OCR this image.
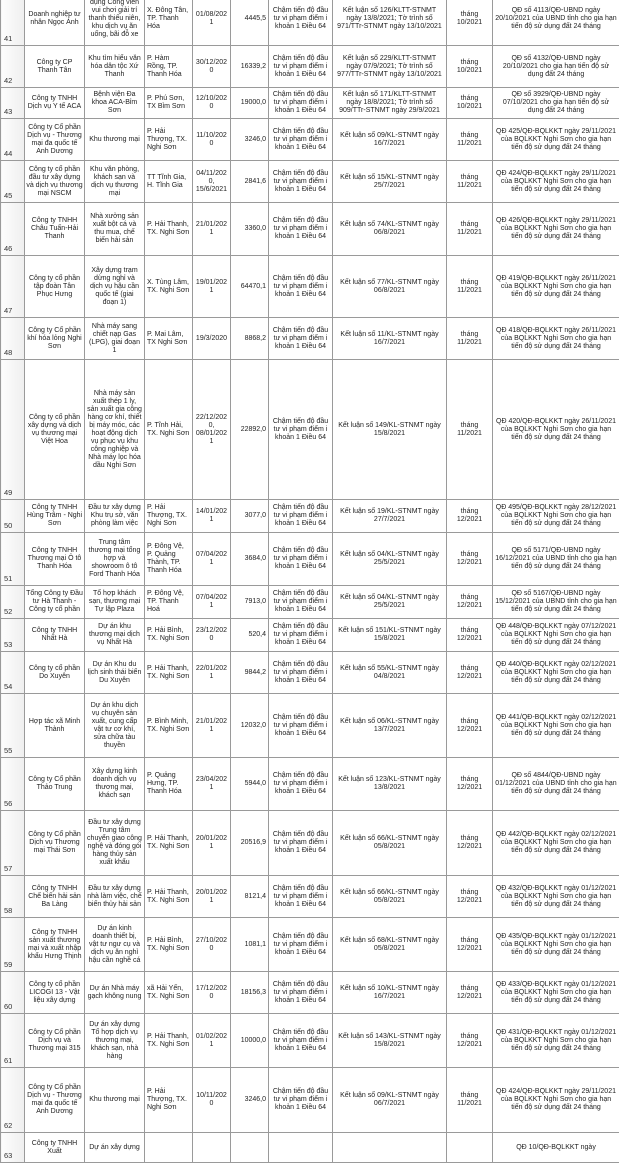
41	Doanh nghiệp tư nhân Ngọc Ánh	dụng Công viên vui chơi giải trí thanh thiếu niên, khu dịch vụ ăn uống, bãi đỗ xe	X. Đông Tân, TP. Thanh Hóa	01/08/2021	4445,5	Chậm tiến độ đầu tư vi phạm điểm i khoản 1 Điều 64	Kết luận số 126/KLTT-STNMT ngày 13/8/2021; Tờ trình số 971/TTr-STNMT ngày 13/10/2021	tháng 10/2021	QĐ số 4113/QĐ-UBND ngày 20/10/2021 của UBND tỉnh cho gia hạn tiến độ sử dụng đất 24 tháng
42	Công ty CP Thanh Tân	Khu tìm hiểu văn hóa dân tộc Xứ Thanh	P. Hàm Rồng, TP. Thanh Hóa	30/12/2020	16339,2	Chậm tiến độ đầu tư vi phạm điểm i khoản 1 Điều 64	Kết luận số 229/KLTT-STNMT ngày 07/9/2021; Tờ trình số 977/TTr-STNMT ngày 13/10/2021	tháng 10/2021	QĐ số 4132/QĐ-UBND ngày 20/10/2021 cho gia hạn tiến độ sử dụng đất 24 tháng
43	Công ty TNHH Dịch vụ Y tế ACA	Bệnh viện Đa khoa ACA-Bỉm Sơn	P. Phú Sơn, TX Bỉm Sơn	12/10/2020	19000,0	Chậm tiến độ đầu tư vi phạm điểm i khoản 1 Điều 64	Kết luận số 171/KLTT-STNMT ngày 18/8/2021; Tờ trình số 909/TTr-STNMT ngày 29/9/2021	tháng 10/2021	QĐ số 3929/QĐ-UBND ngày 07/10/2021 cho gia hạn tiến độ sử dụng đất 24 tháng
44	Công ty Cổ phần Dịch vụ - Thương mại đa quốc tế Anh Dương	Khu thương mại	P. Hải Thượng, TX. Nghi Sơn	11/10/2020	3246,0	Chậm tiến độ đầu tư vi phạm điểm i khoản 1 Điều 64	Kết luận số 09/KL-STNMT ngày 16/7/2021	tháng 11/2021	QĐ 425/QĐ-BQLKKT ngày 29/11/2021 của BQLKKT Nghi Sơn cho gia hạn tiến độ sử dụng đất 24 tháng
45	Công ty cổ phần đầu tư xây dựng và dịch vụ thương mại NSCM	Khu văn phòng, khách sạn và dịch vụ thương mại	TT Tĩnh Gia, H. Tĩnh Gia	04/11/2020, 15/6/2021	2841,6	Chậm tiến độ đầu tư vi phạm điểm i khoản 1 Điều 64	Kết luận số 15/KL-STNMT ngày 25/7/2021	tháng 11/2021	QĐ 424/QĐ-BQLKKT ngày 29/11/2021 của BQLKKT Nghi Sơn cho gia hạn tiến độ sử dụng đất 24 tháng
46	Công ty TNHH Châu Tuấn-Hải Thanh	Nhà xưởng sản xuất bột cá và thu mua, chế biến hải sản	P. Hải Thanh, TX. Nghi Sơn	21/01/2021	3360,0	Chậm tiến độ đầu tư vi phạm điểm i khoản 1 Điều 64	Kết luận số 74/KL-STNMT ngày 06/8/2021	tháng 11/2021	QĐ 426/QĐ-BQLKKT ngày 29/11/2021 của BQLKKT Nghi Sơn cho gia hạn tiến độ sử dụng đất 24 tháng
47	Công ty cổ phần tập đoàn Tân Phục Hưng	Xây dựng trạm dừng nghỉ và dịch vụ hậu cần quốc tế (giai đoạn 1)	X. Tùng Lâm, TX. Nghi Sơn	19/01/2021	64470,1	Chậm tiến độ đầu tư vi phạm điểm i khoản 1 Điều 64	Kết luận số 77/KL-STNMT ngày 06/8/2021	tháng 11/2021	QĐ 419/QĐ-BQLKKT ngày 26/11/2021 của BQLKKT Nghi Sơn cho gia hạn tiến độ sử dụng đất 24 tháng
48	Công ty Cổ phần khí hóa lỏng Nghi Sơn	Nhà máy sang chiết nạp Gas (LPG), giai đoạn 1	P. Mai Lâm, TX Nghi Sơn	19/3/2020	8868,2	Chậm tiến độ đầu tư vi phạm điểm i khoản 1 Điều 64	Kết luận số 11/KL-STNMT ngày 16/7/2021	tháng 11/2021	QĐ 418/QĐ-BQLKKT ngày 26/11/2021 của BQLKKT Nghi Sơn cho gia hạn tiến độ sử dụng đất 24 tháng
49	Công ty cổ phần xây dựng và dịch vụ thương mại Việt Hoa	Nhà máy sản xuất thép 1 ly, sản xuất gia công hàng cơ khí, thiết bị máy móc, các hoạt động dịch vụ phục vụ khu công nghiệp và Nhà máy lọc hóa dầu Nghi Sơn	P. Tĩnh Hải, TX. Nghi Sơn	22/12/2020, 08/01/2021	22892,0	Chậm tiến độ đầu tư vi phạm điểm i khoản 1 Điều 64	Kết luận số 149/KL-STNMT ngày 15/8/2021	tháng 11/2021	QĐ 420/QĐ-BQLKKT ngày 26/11/2021 của BQLKKT Nghi Sơn cho gia hạn tiến độ sử dụng đất 24 tháng
50	Công ty TNHH Hùng Trâm - Nghi Sơn	Đầu tư xây dựng Khu trụ sở, văn phòng làm việc	P. Hải Thượng, TX. Nghi Sơn	14/01/2021	3077,0	Chậm tiến độ đầu tư vi phạm điểm i khoản 1 Điều 64	Kết luận số 19/KL-STNMT ngày 27/7/2021	tháng 12/2021	QĐ 495/QĐ-BQLKKT ngày 28/12/2021 của BQLKKT Nghi Sơn cho gia hạn tiến độ sử dụng đất 24 tháng
51	Công ty TNHH Thương mại Ô tô Thanh Hóa	Trung tâm thương mại tổng hợp và showroom ô tô Ford Thanh Hóa	P. Đông Vệ, P. Quảng Thành, TP. Thanh Hóa	07/04/2021	3684,0	Chậm tiến độ đầu tư vi phạm điểm i khoản 1 Điều 64	Kết luận số 04/KL-STNMT ngày 25/5/2021	tháng 12/2021	QĐ số 5171/QĐ-UBND ngày 16/12/2021 của UBND tỉnh cho gia hạn tiến độ sử dụng đất 24 tháng
52	Tổng Công ty Đầu tư Hà Thanh - Công ty cổ phần	Tổ hợp khách sạn, thương mại Tự lập Plaza	P. Đông Vệ, TP. Thanh Hoá	07/04/2021	7913,0	Chậm tiến độ đầu tư vi phạm điểm i khoản 1 Điều 64	Kết luận số 04/KL-STNMT ngày 25/5/2021	tháng 12/2021	QĐ số 5167/QĐ-UBND ngày 15/12/2021 của UBND tỉnh cho gia hạn tiến độ sử dụng đất 24 tháng
53	Công ty TNHH Nhất Hà	Dự án khu thương mại dịch vụ Nhất Hà	P. Hải Bình, TX. Nghi Sơn	23/12/2020	520,4	Chậm tiến độ đầu tư vi phạm điểm i khoản 1 Điều 64	Kết luận số 151/KL-STNMT ngày 15/8/2021	tháng 12/2021	QĐ 448/QĐ-BQLKKT ngày 07/12/2021 của BQLKKT Nghi Sơn cho gia hạn tiến độ sử dụng đất 24 tháng
54	Công ty cổ phần Do Xuyên	Dự án Khu du lịch sinh thái biển Du Xuyên	P. Hải Thanh, TX. Nghi Sơn	22/01/2021	9844,2	Chậm tiến độ đầu tư vi phạm điểm i khoản 1 Điều 64	Kết luận số 55/KL-STNMT ngày 04/8/2021	tháng 12/2021	QĐ 440/QĐ-BQLKKT ngày 02/12/2021 của BQLKKT Nghi Sơn cho gia hạn tiến độ sử dụng đất 24 tháng
55	Hợp tác xã Minh Thành	Dự án khu dịch vụ chuyên sản xuất, cung cấp vật tư cơ khí, sửa chữa tàu thuyền	P. Bình Minh, TX. Nghi Sơn	21/01/2021	12032,0	Chậm tiến độ đầu tư vi phạm điểm i khoản 1 Điều 64	Kết luận số 06/KL-STNMT ngày 13/7/2021	tháng 12/2021	QĐ 441/QĐ-BQLKKT ngày 02/12/2021 của BQLKKT Nghi Sơn cho gia hạn tiến độ sử dụng đất 24 tháng
56	Công ty Cổ phần Thảo Trung	Xây dựng kinh doanh dịch vụ thương mại, khách sạn	P. Quảng Hưng, TP. Thanh Hóa	23/04/2021	5944,0	Chậm tiến độ đầu tư vi phạm điểm i khoản 1 Điều 64	Kết luận số 123/KL-STNMT ngày 13/8/2021	tháng 12/2021	QĐ số 4844/QĐ-UBND ngày 01/12/2021 của UBND tỉnh cho gia hạn tiến độ sử dụng đất 24 tháng
57	Công ty Cổ phần Dịch vụ Thương mại Thái Sơn	Đầu tư xây dựng Trung tâm chuyển giao công nghệ và đóng gói hàng thủy sản xuất khẩu	P. Hải Thanh, TX. Nghi Sơn	20/01/2021	20516,9	Chậm tiến độ đầu tư vi phạm điểm i khoản 1 Điều 64	Kết luận số 66/KL-STNMT ngày 05/8/2021	tháng 12/2021	QĐ 442/QĐ-BQLKKT ngày 02/12/2021 của BQLKKT Nghi Sơn cho gia hạn tiến độ sử dụng đất 24 tháng
58	Công ty TNHH Chế biến hải sản Ba Làng	Đầu tư xây dựng nhà làm việc, chế biến thủy hải sản	P. Hải Thanh, TX. Nghi Sơn	20/01/2021	8121,4	Chậm tiến độ đầu tư vi phạm điểm i khoản 1 Điều 64	Kết luận số 66/KL-STNMT ngày 05/8/2021	tháng 12/2021	QĐ 432/QĐ-BQLKKT ngày 01/12/2021 của BQLKKT Nghi Sơn cho gia hạn tiến độ sử dụng đất 24 tháng
59	Công ty TNHH sản xuất thương mại và xuất nhập khẩu Hưng Thịnh	Dự án kinh doanh thiết bị, vật tư ngư cụ và dịch vụ ăn nghỉ hậu cần nghề cá	P. Hải Bình, TX. Nghi Sơn	27/10/2020	1081,1	Chậm tiến độ đầu tư vi phạm điểm i khoản 1 Điều 64	Kết luận số 68/KL-STNMT ngày 05/8/2021	tháng 12/2021	QĐ 435/QĐ-BQLKKT ngày 01/12/2021 của BQLKKT Nghi Sơn cho gia hạn tiến độ sử dụng đất 24 tháng
60	Công ty cổ phần LICOGI 13 - Vật liệu xây dựng	Dự án Nhà máy gạch không nung	xã Hải Yến, TX. Nghi Sơn	17/12/2020	18156,3	Chậm tiến độ đầu tư vi phạm điểm i khoản 1 Điều 64	Kết luận số 10/KL-STNMT ngày 16/7/2021	tháng 12/2021	QĐ 433/QĐ-BQLKKT ngày 01/12/2021 của BQLKKT Nghi Sơn cho gia hạn tiến độ sử dụng đất 24 tháng
61	Công ty Cổ phần Dịch vụ và Thương mại 315	Dự án xây dựng Tổ hợp dịch vụ thương mại, khách sạn, nhà hàng	P. Hải Thanh, TX. Nghi Sơn	01/02/2021	10000,0	Chậm tiến độ đầu tư vi phạm điểm i khoản 1 Điều 64	Kết luận số 143/KL-STNMT ngày 15/8/2021	tháng 12/2021	QĐ 431/QĐ-BQLKKT ngày 01/12/2021 của BQLKKT Nghi Sơn cho gia hạn tiến độ sử dụng đất 24 tháng
62	Công ty Cổ phần Dịch vụ - Thương mại đa quốc tế Anh Dương	Khu thương mại	P. Hải Thượng, TX. Nghi Sơn	10/11/2020	3246,0	Chậm tiến độ đầu tư vi phạm điểm i khoản 1 Điều 64	Kết luận số 09/KL-STNMT ngày 06/7/2021	tháng 11/2021	QĐ 424/QĐ-BQLKKT ngày 29/11/2021 của BQLKKT Nghi Sơn cho gia hạn tiến độ sử dụng đất 24 tháng
63	Công ty TNHH Xuất	Dự án xây dựng							QĐ 10/QĐ-BQLKKT ngày
